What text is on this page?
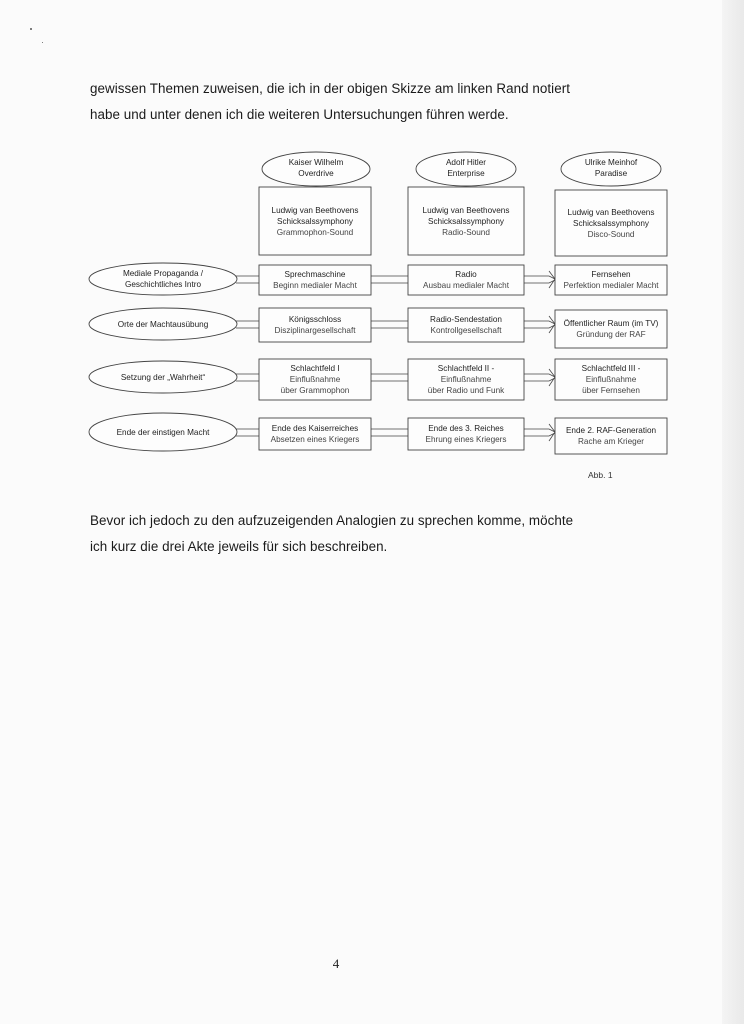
gewissen Themen zuweisen, die ich in der obigen Skizze am linken Rand notiert

habe und unter denen ich die weiteren Untersuchungen führen werde.

Kaiser Wilhelm
Overdrive
Adolf Hitler
Enterprise
Ulrike Meinhof
Paradise
Ludwig van Beethovens
Schicksalssymphony
Grammophon-Sound
Ludwig van Beethovens
Schicksalssymphony
Radio-Sound
Ludwig van Beethovens
Schicksalssymphony
Disco-Sound
Mediale Propaganda /
Geschichtliches Intro
Orte der Machtausübung
Setzung der „Wahrheit“
Ende der einstigen Macht
Sprechmaschine
Beginn medialer Macht
Radio
Ausbau medialer Macht
Fernsehen
Perfektion medialer Macht
Königsschloss
Disziplinargesellschaft
Radio-Sendestation
Kontrollgesellschaft
Öffentlicher Raum (im TV)
Gründung der RAF
Schlachtfeld I
Einflußnahme
über Grammophon
Schlachtfeld II -
Einflußnahme
über Radio und Funk
Schlachtfeld III -
Einflußnahme
über Fernsehen
Ende des Kaiserreiches
Absetzen eines Kriegers
Ende des 3. Reiches
Ehrung eines Kriegers
Ende 2. RAF-Generation
Rache am Krieger
Abb. 1

Bevor ich jedoch zu den aufzuzeigenden Analogien zu sprechen komme, möchte

ich kurz die drei Akte jeweils für sich beschreiben.

4
